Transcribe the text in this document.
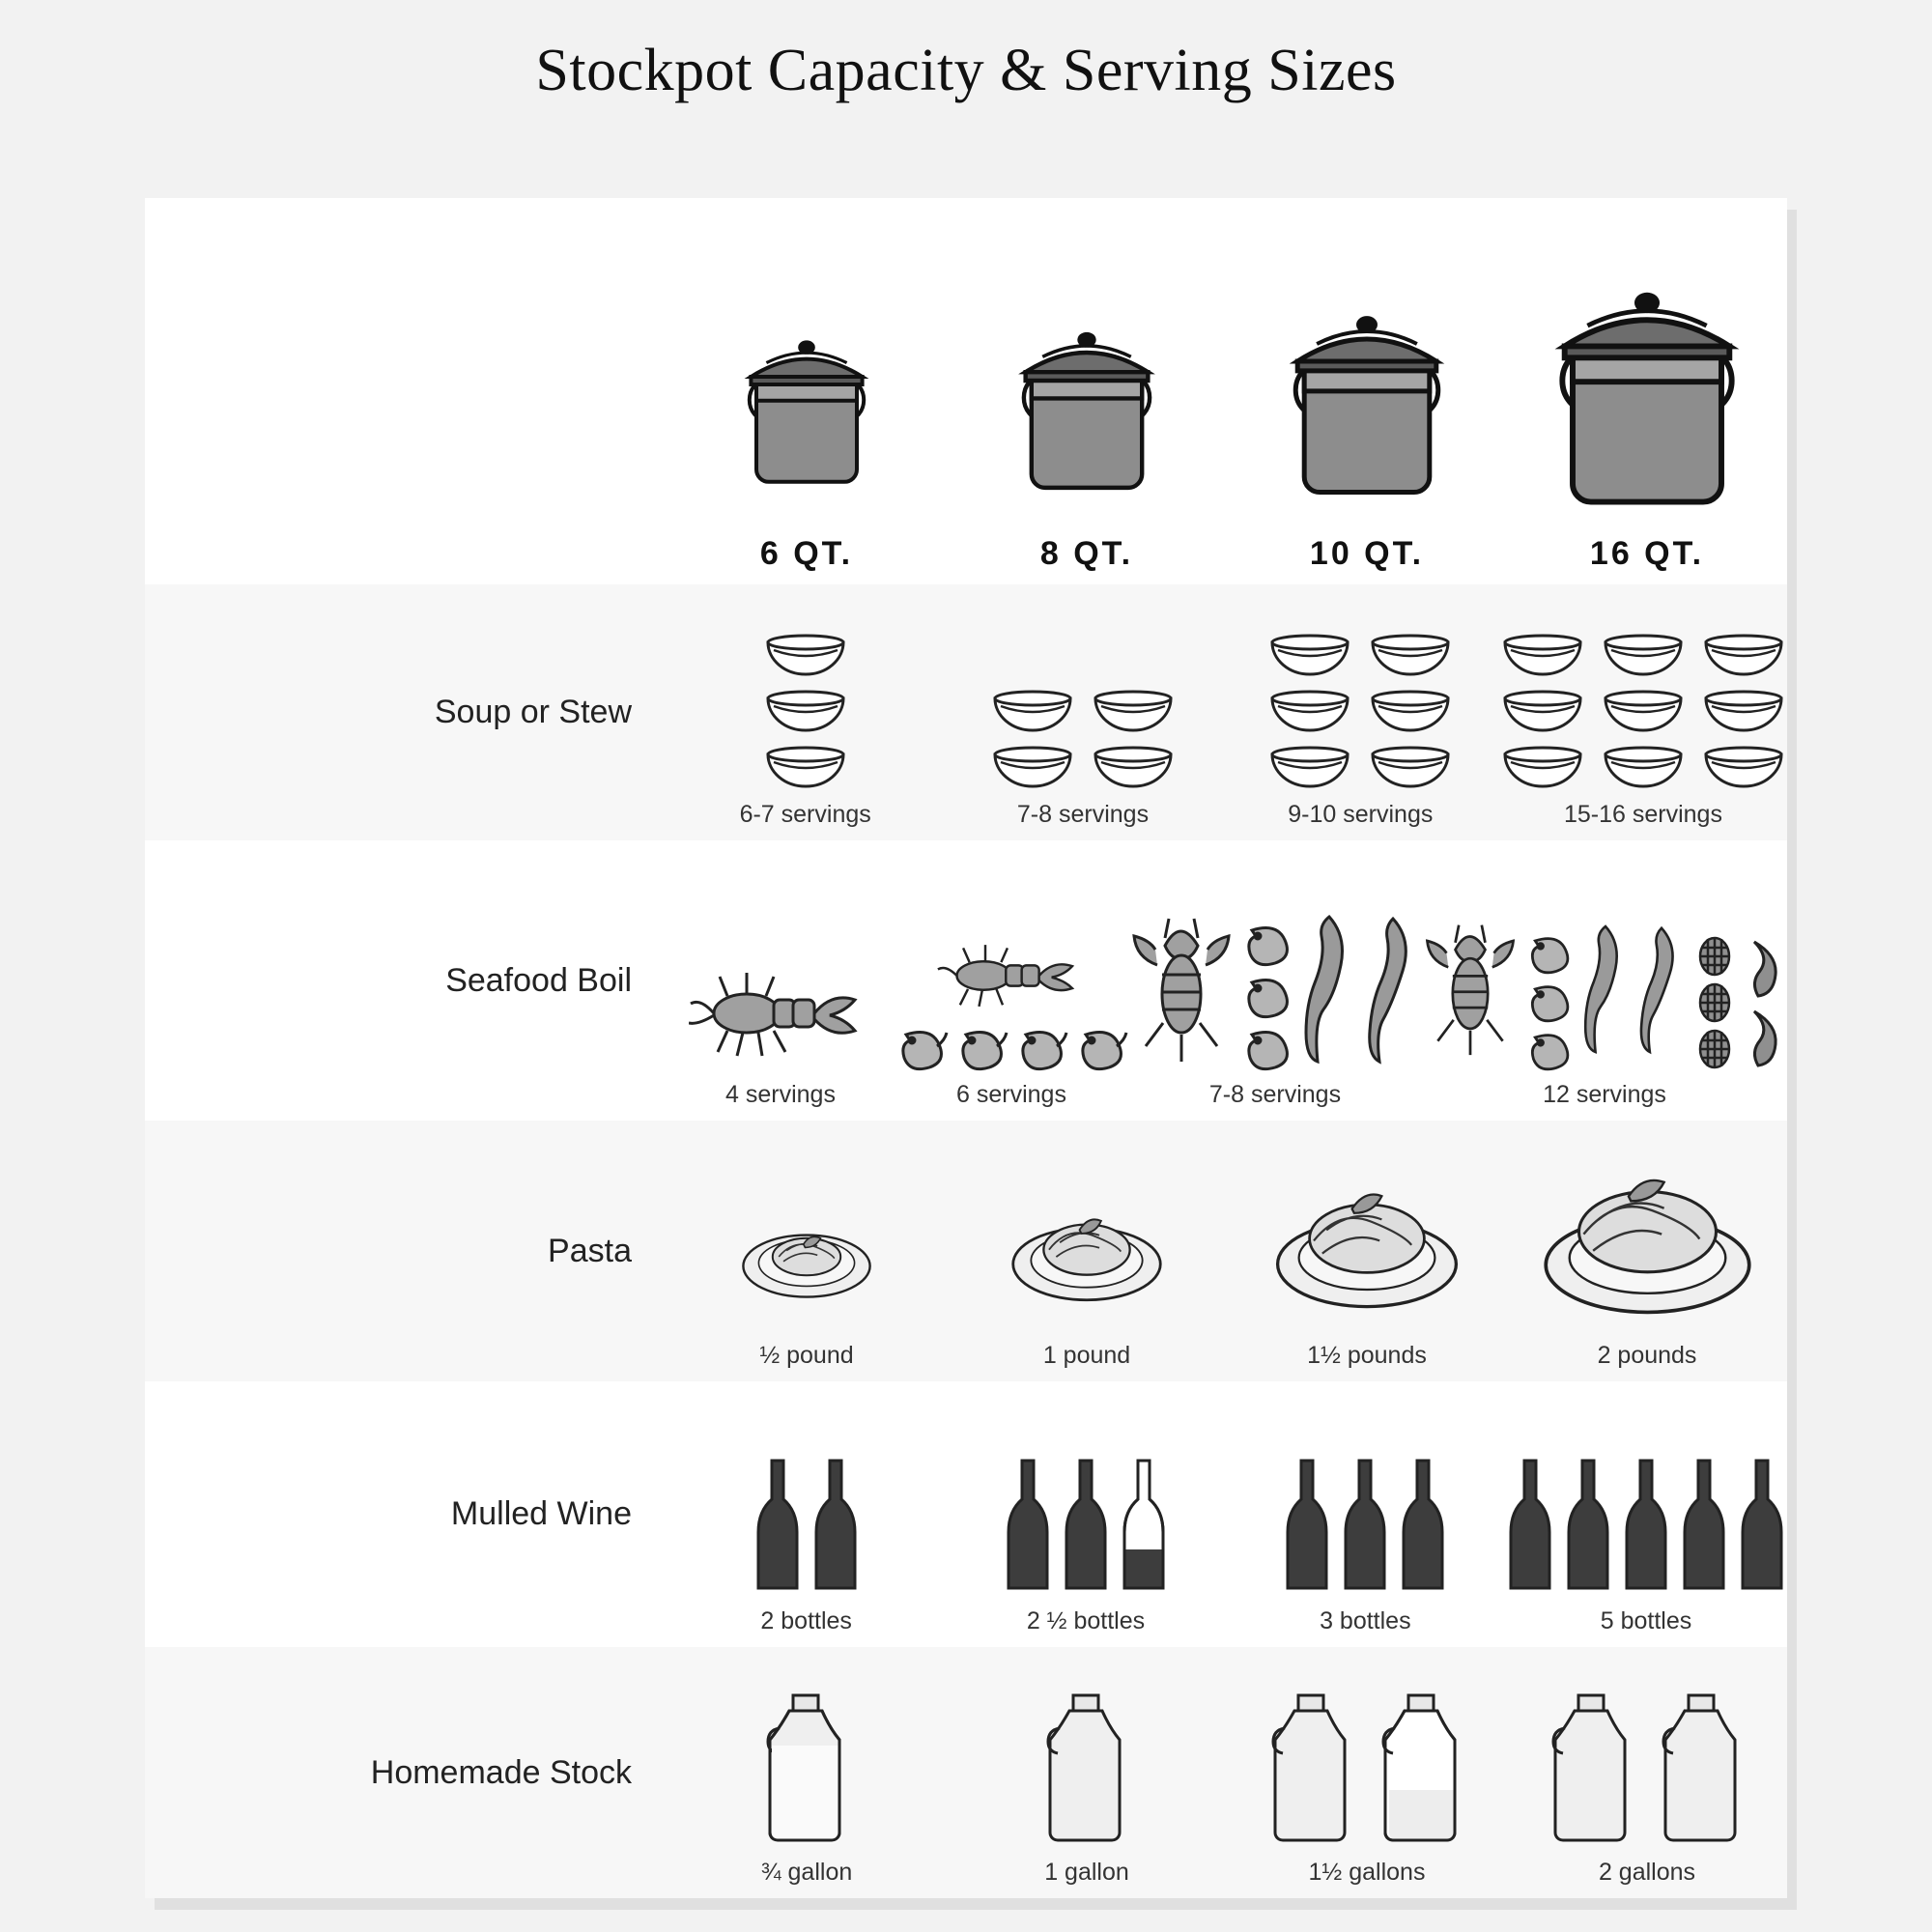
Stockpot Capacity & Serving Sizes
6 QT.	8 QT.	10 QT.	16 QT.
Soup or Stew
6-7 servings	7-8 servings	9-10 servings	15-16 servings
Seafood Boil
4 servings	6 servings	7-8 servings	12 servings
Pasta
½ pound	1 pound	1½ pounds	2 pounds
Mulled Wine
2 bottles	2 ½ bottles	3 bottles	5 bottles
Homemade Stock
¾ gallon	1 gallon	1½ gallons	2 gallons
